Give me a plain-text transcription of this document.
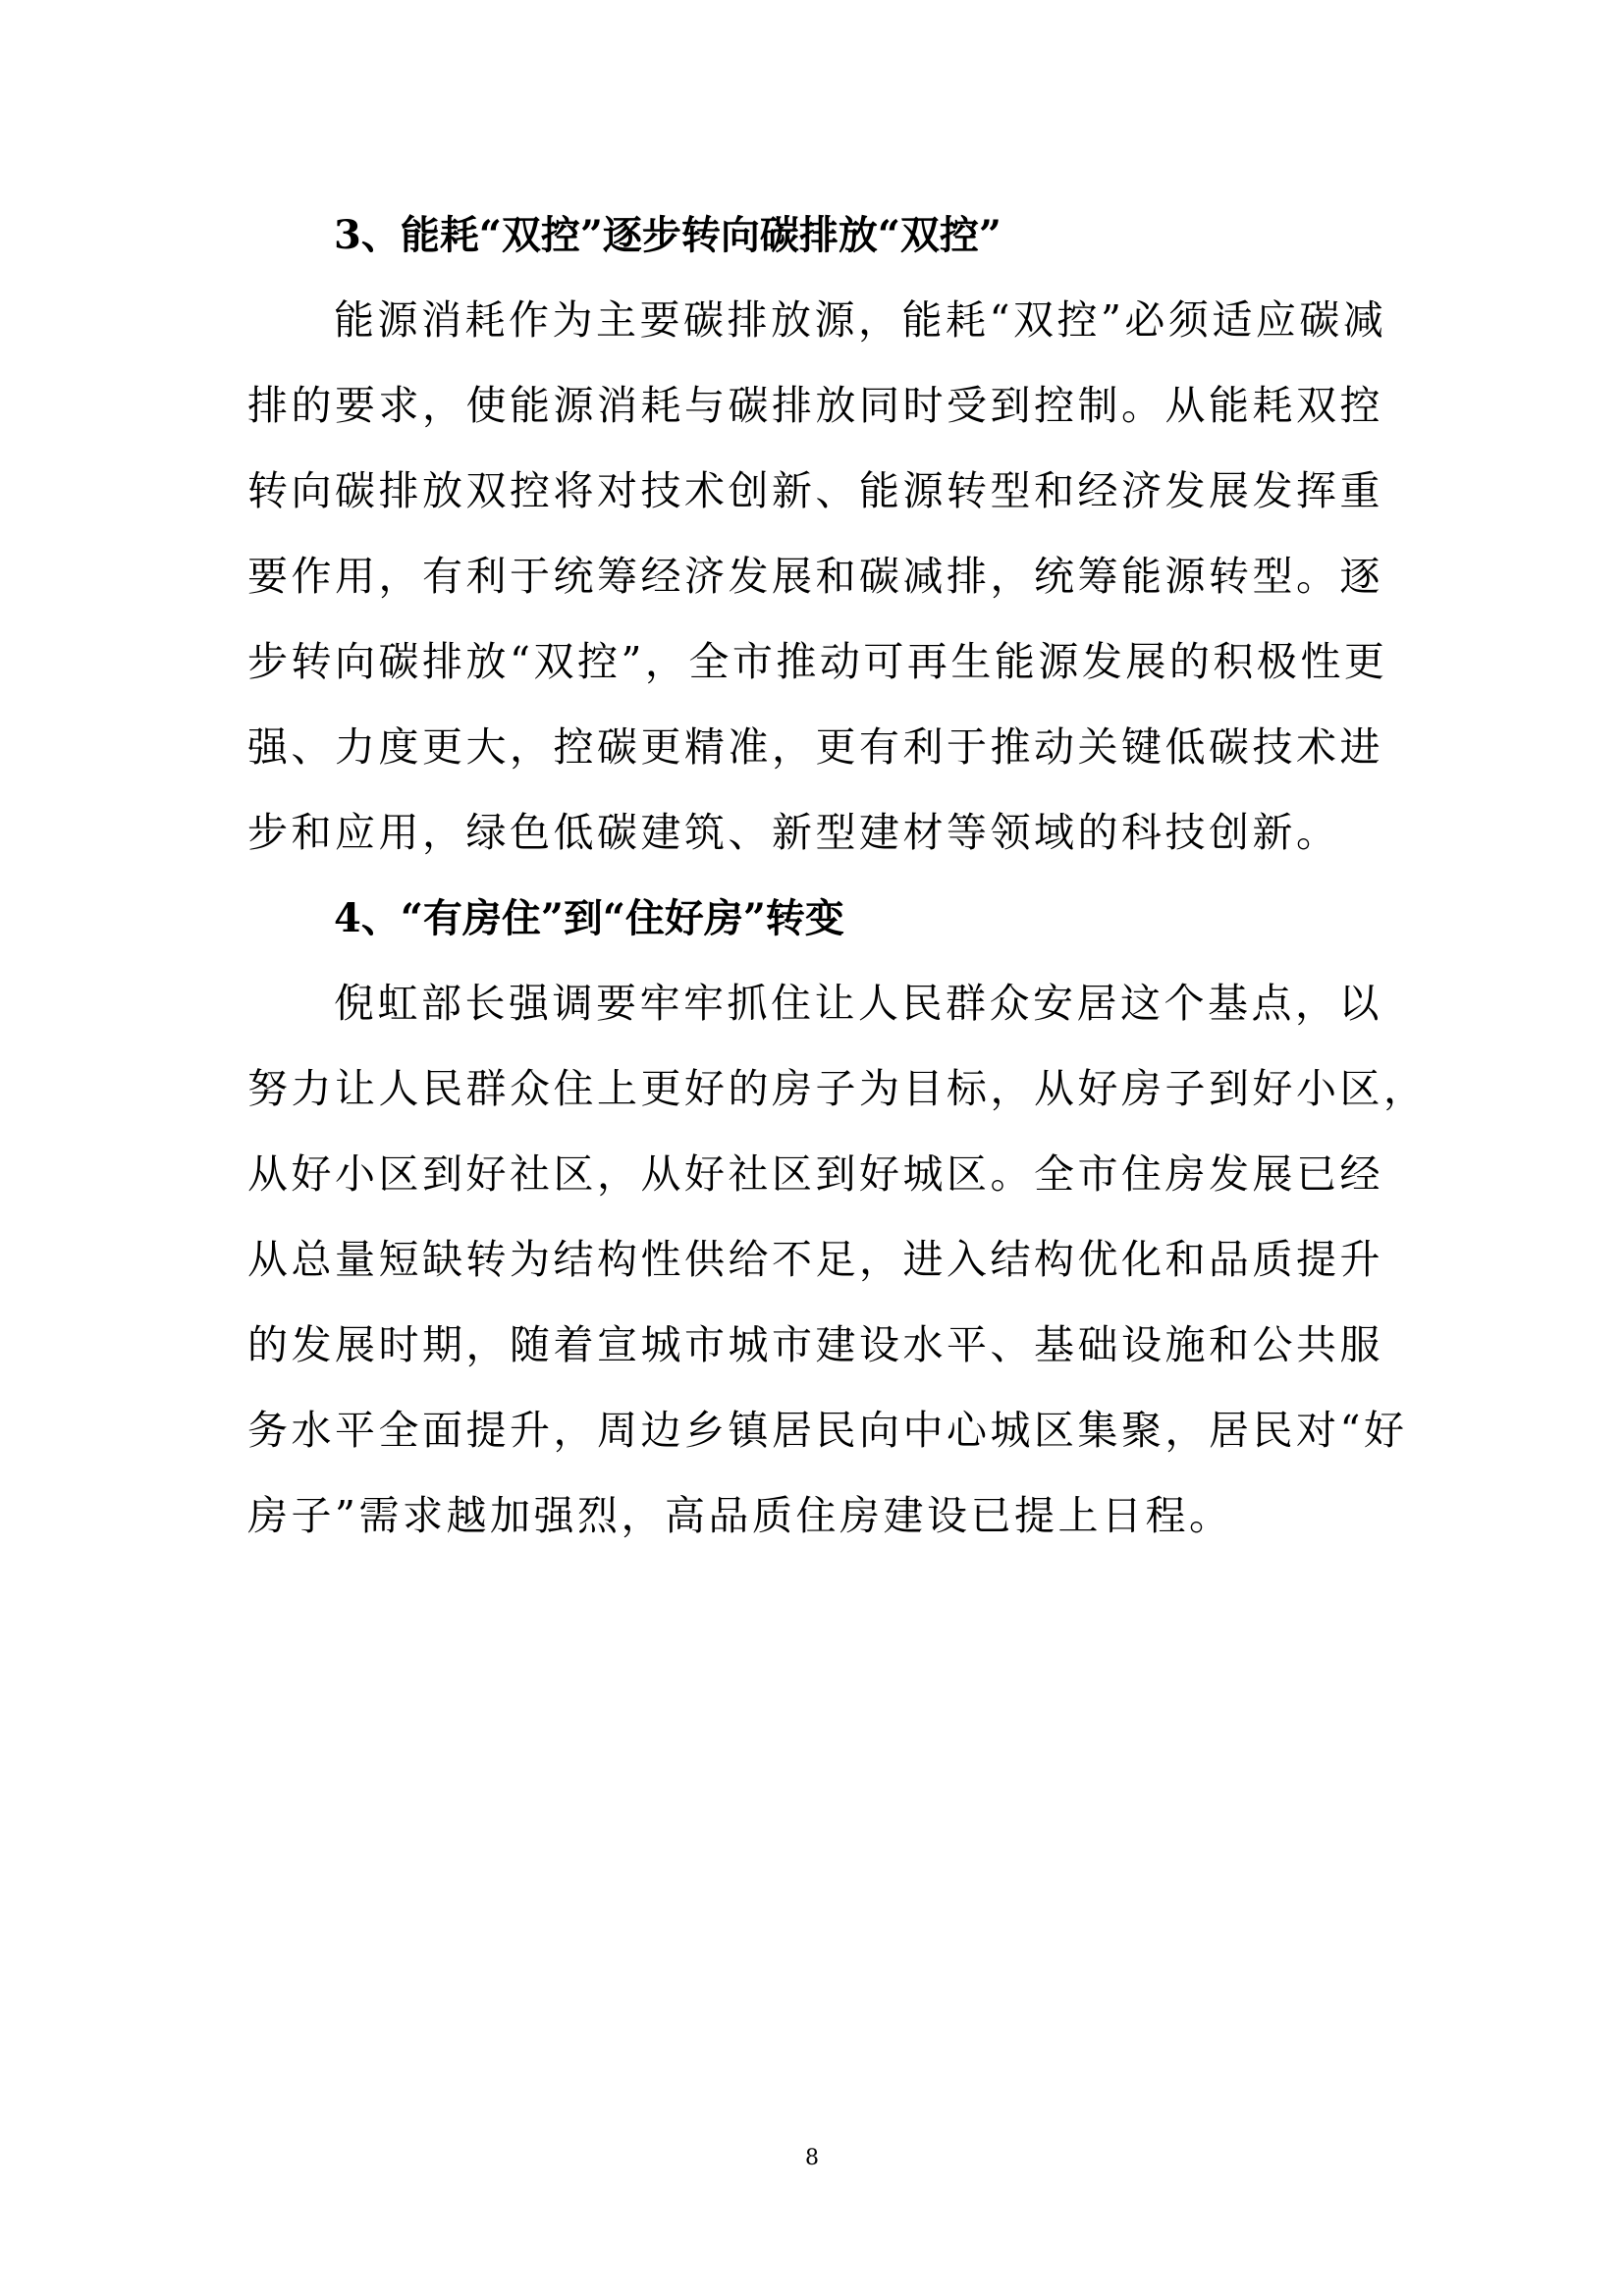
3、能耗“双控”逐步转向碳排放“双控”
能源消耗作为主要碳排放源，能耗“双控”必须适应碳减
排的要求，使能源消耗与碳排放同时受到控制。从能耗双控
转向碳排放双控将对技术创新、能源转型和经济发展发挥重
要作用，有利于统筹经济发展和碳减排，统筹能源转型。逐
步转向碳排放“双控”，全市推动可再生能源发展的积极性更
强、力度更大，控碳更精准，更有利于推动关键低碳技术进
步和应用，绿色低碳建筑、新型建材等领域的科技创新。
4、“有房住”到“住好房”转变
倪虹部长强调要牢牢抓住让人民群众安居这个基点，以
努力让人民群众住上更好的房子为目标，从好房子到好小区，
从好小区到好社区，从好社区到好城区。全市住房发展已经
从总量短缺转为结构性供给不足，进入结构优化和品质提升
的发展时期，随着宣城市城市建设水平、基础设施和公共服
务水平全面提升，周边乡镇居民向中心城区集聚，居民对“好
房子”需求越加强烈，高品质住房建设已提上日程。
8
